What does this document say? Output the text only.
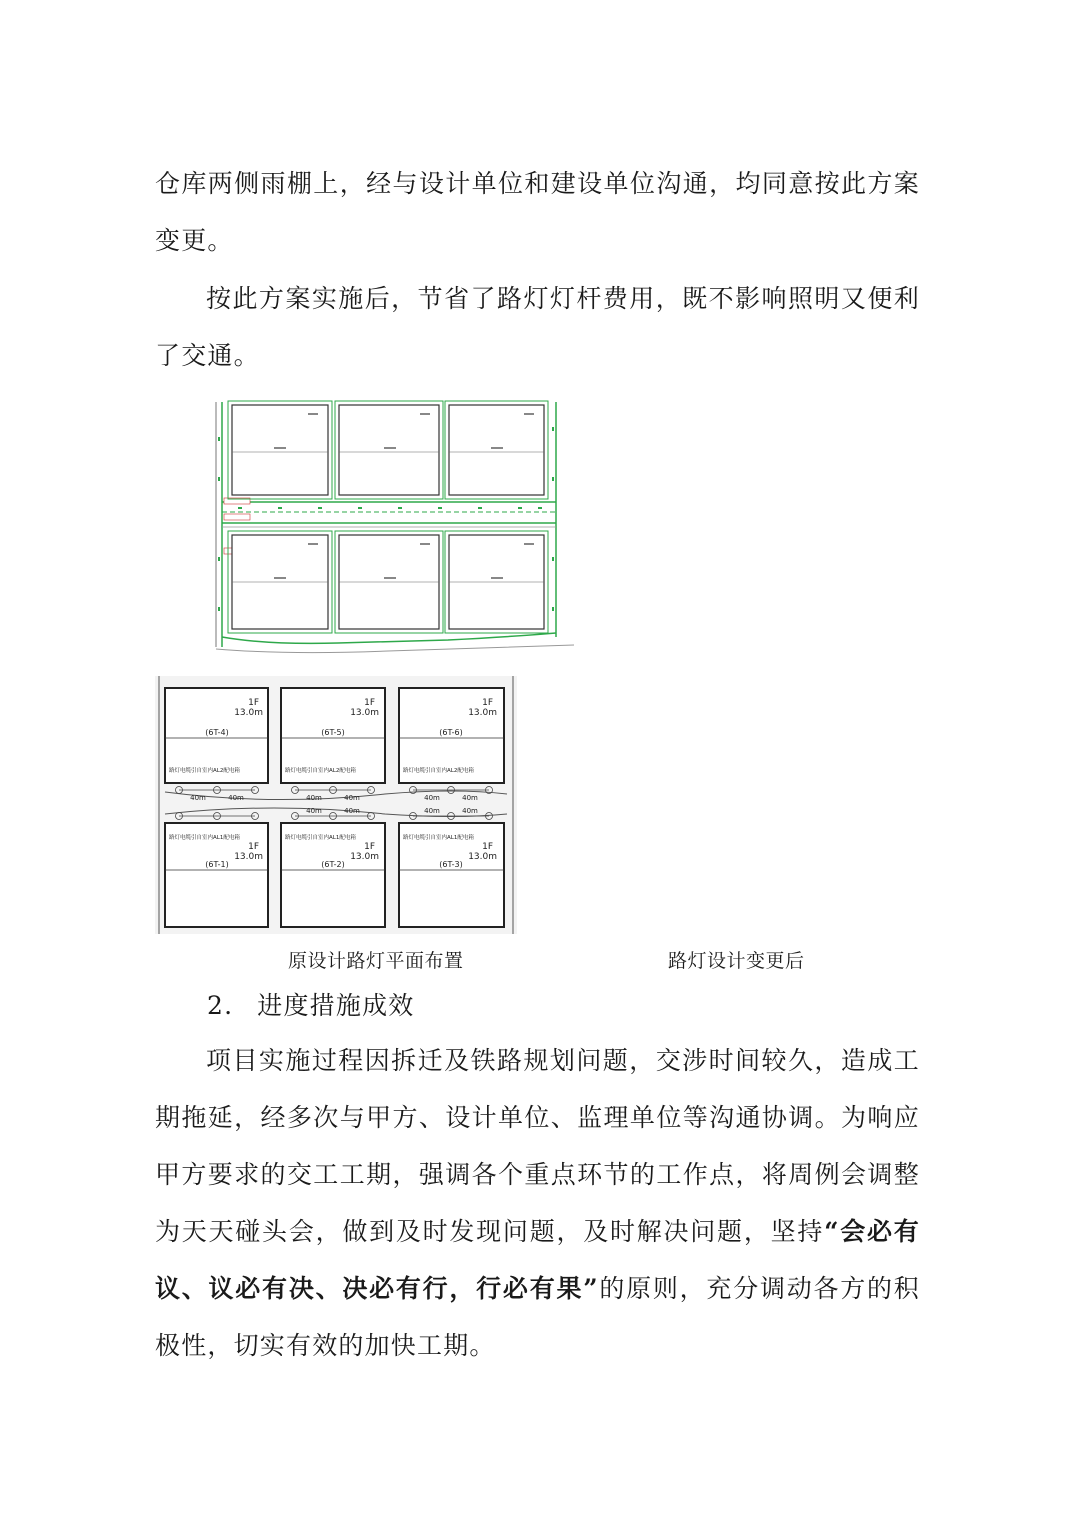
仓库两侧雨棚上，经与设计单位和建设单位沟通，均同意按此方案变更。

按此方案实施后，节省了路灯灯杆费用，既不影响照明又便利了交通。

1F
13.0m
1F
13.0m
1F
13.0m
(6T-4)	(6T-5)	(6T-6)
路灯电缆引自室内AL2配电箱	路灯电缆引自室内AL2配电箱	路灯电缆引自室内AL2配电箱
40m	40m	40m	40m	40m	40m
40m	40m	40m	40m
路灯电缆引自室内AL1配电箱	路灯电缆引自室内AL1配电箱	路灯电缆引自室内AL1配电箱
1F
13.0m
1F
13.0m
1F
13.0m
(6T-1)	(6T-2)	(6T-3)
原设计路灯平面布置	路灯设计变更后
2. 进度措施成效

项目实施过程因拆迁及铁路规划问题，交涉时间较久，造成工期拖延，经多次与甲方、设计单位、监理单位等沟通协调。为响应甲方要求的交工工期，强调各个重点环节的工作点，将周例会调整为天天碰头会，做到及时发现问题，及时解决问题，坚持“会必有议、议必有决、决必有行，行必有果”的原则，充分调动各方的积极性，切实有效的加快工期。
